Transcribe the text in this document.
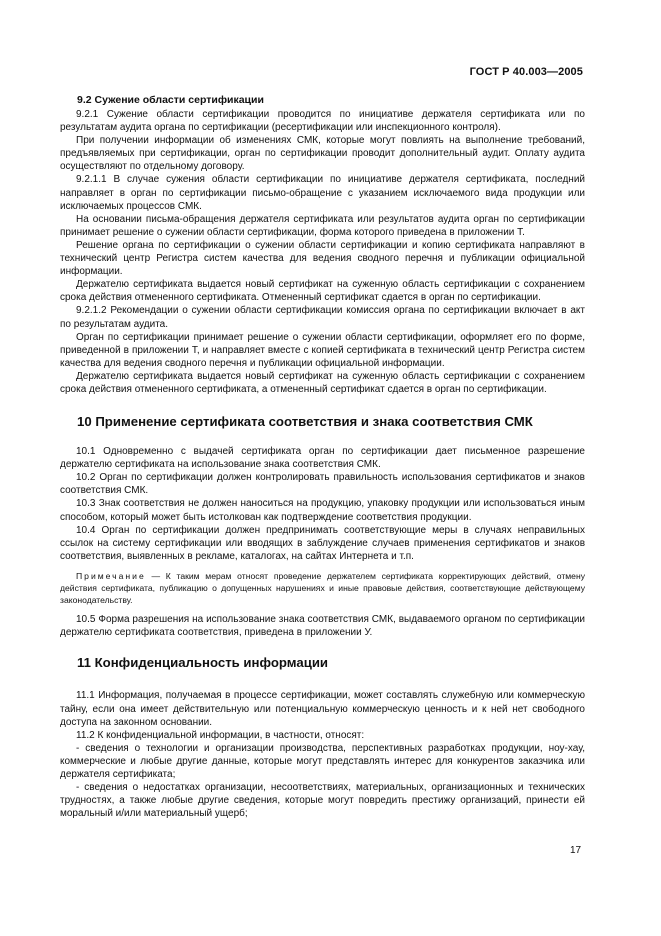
ГОСТ Р 40.003—2005
9.2 Сужение области сертификации

9.2.1 Сужение области сертификации проводится по инициативе держателя сертификата или по результатам аудита органа по сертификации (ресертификации или инспекционного контроля).

При получении информации об изменениях СМК, которые могут повлиять на выполнение требований, предъявляемых при сертификации, орган по сертификации проводит дополнительный аудит. Оплату аудита осуществляют по отдельному договору.

9.2.1.1 В случае сужения области сертификации по инициативе держателя сертификата, последний направляет в орган по сертификации письмо-обращение с указанием исключаемого вида продукции или исключаемых процессов СМК.

На основании письма-обращения держателя сертификата или результатов аудита орган по сертификации принимает решение о сужении области сертификации, форма которого приведена в приложении Т.

Решение органа по сертификации о сужении области сертификации и копию сертификата направляют в технический центр Регистра систем качества для ведения сводного перечня и публикации официальной информации.

Держателю сертификата выдается новый сертификат на суженную область сертификации с сохранением срока действия отмененного сертификата. Отмененный сертификат сдается в орган по сертификации.

9.2.1.2 Рекомендации о сужении области сертификации комиссия органа по сертификации включает в акт по результатам аудита.

Орган по сертификации принимает решение о сужении области сертификации, оформляет его по форме, приведенной в приложении Т, и направляет вместе с копией сертификата в технический центр Регистра систем качества для ведения сводного перечня и публикации официальной информации.

Держателю сертификата выдается новый сертификат на суженную область сертификации с сохранением срока действия отмененного сертификата, а отмененный сертификат сдается в орган по сертификации.

10 Применение сертификата соответствия и знака соответствия СМК

10.1 Одновременно с выдачей сертификата орган по сертификации дает письменное разрешение держателю сертификата на использование знака соответствия СМК.

10.2 Орган по сертификации должен контролировать правильность использования сертификатов и знаков соответствия СМК.

10.3 Знак соответствия не должен наноситься на продукцию, упаковку продукции или использоваться иным способом, который может быть истолкован как подтверждение соответствия продукции.

10.4 Орган по сертификации должен предпринимать соответствующие меры в случаях неправильных ссылок на систему сертификации или вводящих в заблуждение случаев применения сертификатов и знаков соответствия, выявленных в рекламе, каталогах, на сайтах Интернета и т.п.

Примечание — К таким мерам относят проведение держателем сертификата корректирующих действий, отмену действия сертификата, публикацию о допущенных нарушениях и иные правовые действия, соответствующие действующему законодательству.

10.5 Форма разрешения на использование знака соответствия СМК, выдаваемого органом по сертификации держателю сертификата соответствия, приведена в приложении У.

11 Конфиденциальность информации

11.1 Информация, получаемая в процессе сертификации, может составлять служебную или коммерческую тайну, если она имеет действительную или потенциальную коммерческую ценность и к ней нет свободного доступа на законном основании.

11.2 К конфиденциальной информации, в частности, относят:

- сведения о технологии и организации производства, перспективных разработках продукции, ноу-хау, коммерческие и любые другие данные, которые могут представлять интерес для конкурентов заказчика или держателя сертификата;

- сведения о недостатках организации, несоответствиях, материальных, организационных и технических трудностях, а также любые другие сведения, которые могут повредить престижу организаций, принести ей моральный и/или материальный ущерб;

17
